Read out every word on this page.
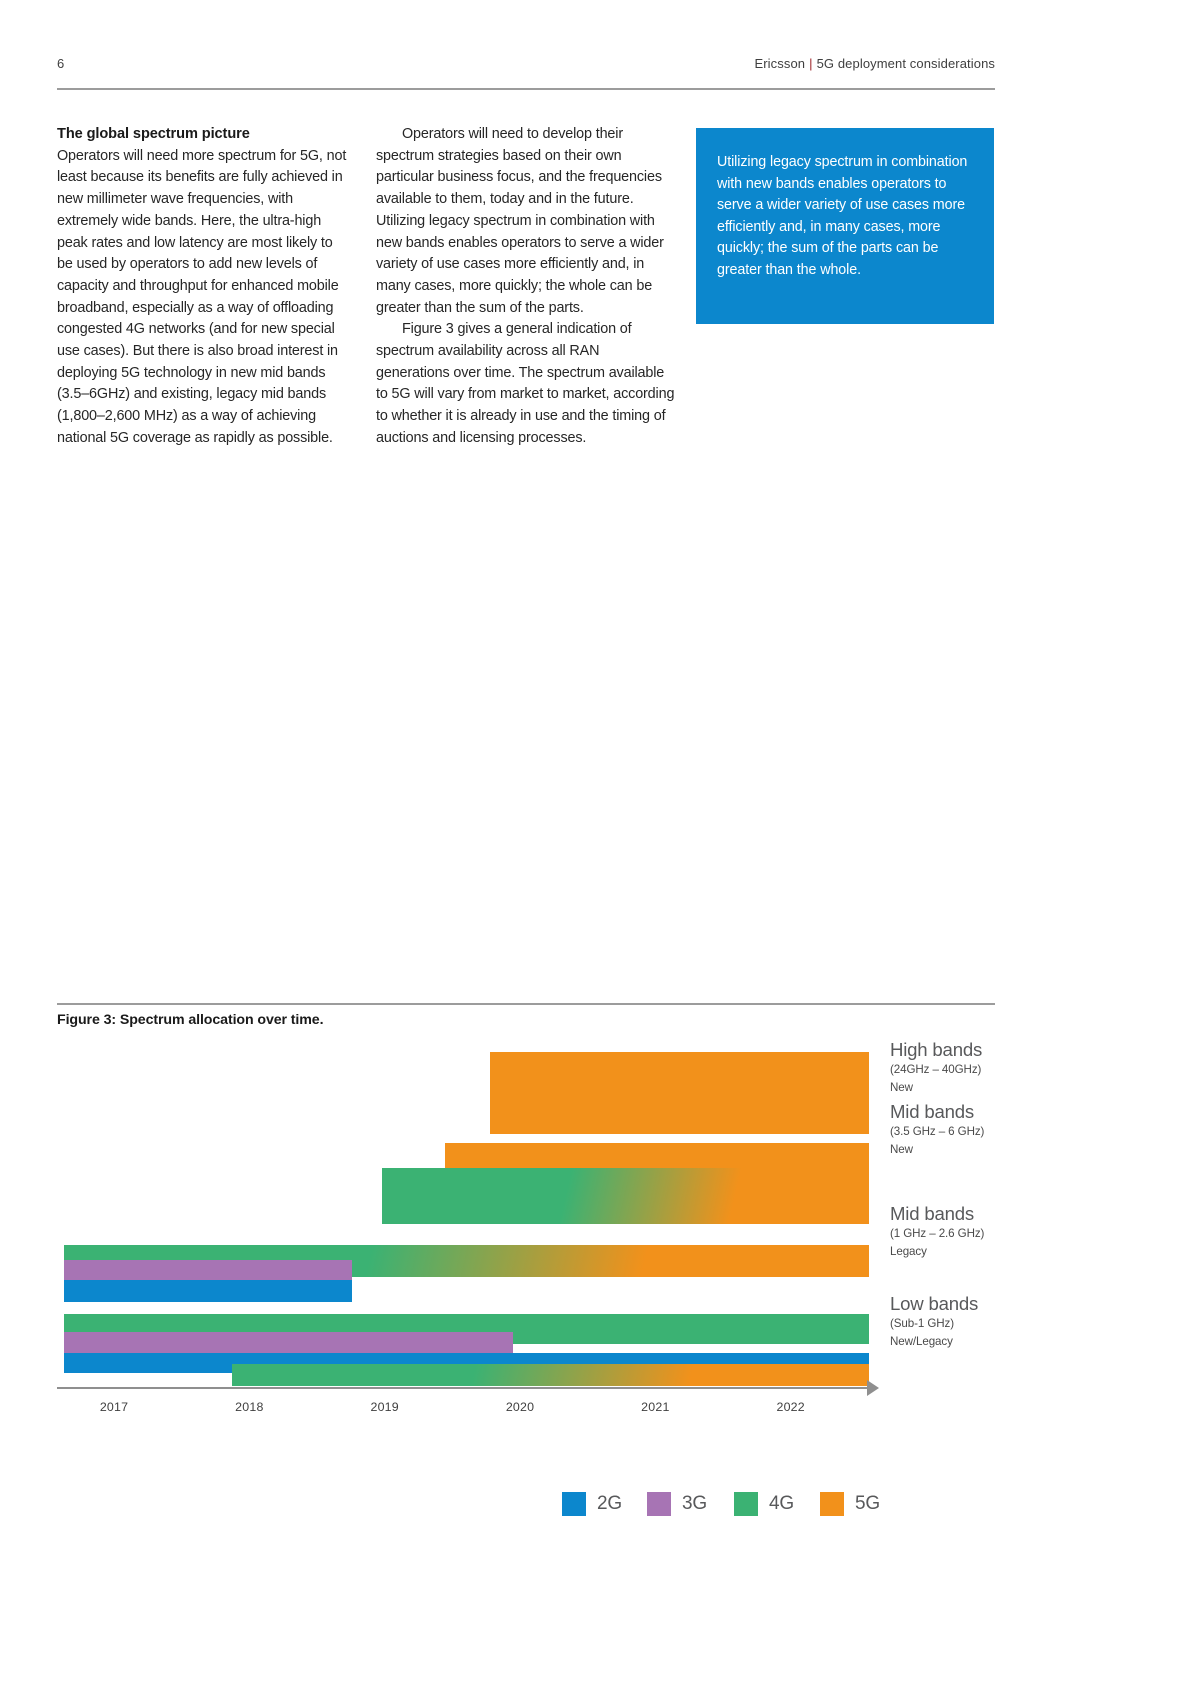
6	Ericsson | 5G deployment considerations
The global spectrum picture

Operators will need more spectrum for 5G, not least because its benefits are fully achieved in new millimeter wave frequencies, with extremely wide bands. Here, the ultra-high peak rates and low latency are most likely to be used by operators to add new levels of capacity and throughput for enhanced mobile broadband, especially as a way of offloading congested 4G networks (and for new special use cases). But there is also broad interest in deploying 5G technology in new mid bands (3.5–6GHz) and existing, legacy mid bands (1,800–2,600 MHz) as a way of achieving national 5G coverage as rapidly as possible.

Operators will need to develop their spectrum strategies based on their own particular business focus, and the frequencies available to them, today and in the future. Utilizing legacy spectrum in combination with new bands enables operators to serve a wider variety of use cases more efficiently and, in many cases, more quickly; the whole can be greater than the sum of the parts.

Figure 3 gives a general indication of spectrum availability across all RAN generations over time. The spectrum available to 5G will vary from market to market, according to whether it is already in use and the timing of auctions and licensing processes.

Utilizing legacy spectrum in combination with new bands enables operators to serve a wider variety of use cases more efficiently and, in many cases, more quickly; the sum of the parts can be greater than the whole.
Figure 3: Spectrum allocation over time.
2017	2018	2019	2020	2021	2022
High bands
(24GHz – 40GHz)
New
Mid bands
(3.5 GHz – 6 GHz)
New
Mid bands
(1 GHz – 2.6 GHz)
Legacy
Low bands
(Sub-1 GHz)
New/Legacy
2G	3G	4G	5G
